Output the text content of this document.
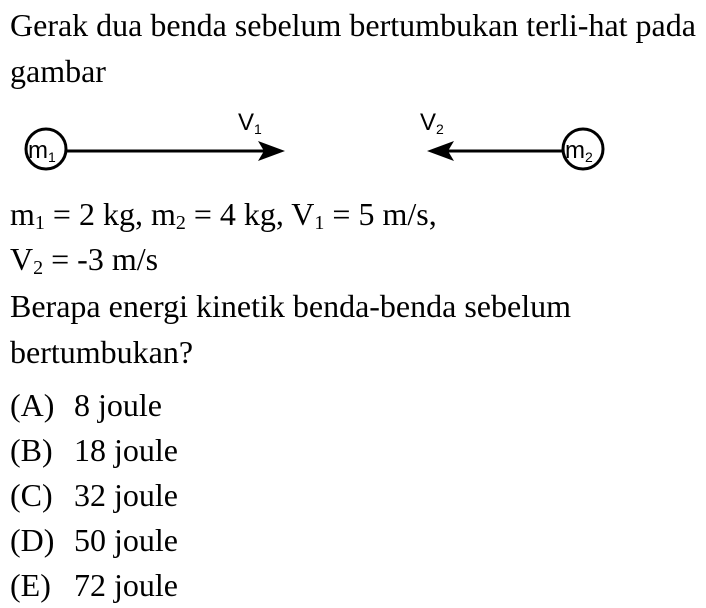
Gerak dua benda sebelum bertumbukan terli-hat pada gambar
m1
V1	V2
m2
$m_1 = 2$ kg, $m_2 = 4$ kg, $V_1 = 5$ m/s,
$V_2 = -3$ m/s
Berapa energi kinetik benda-benda sebelum bertumbukan?
(A) 8 joule
(B) 18 joule
(C) 32 joule
(D) 50 joule
(E) 72 joule
